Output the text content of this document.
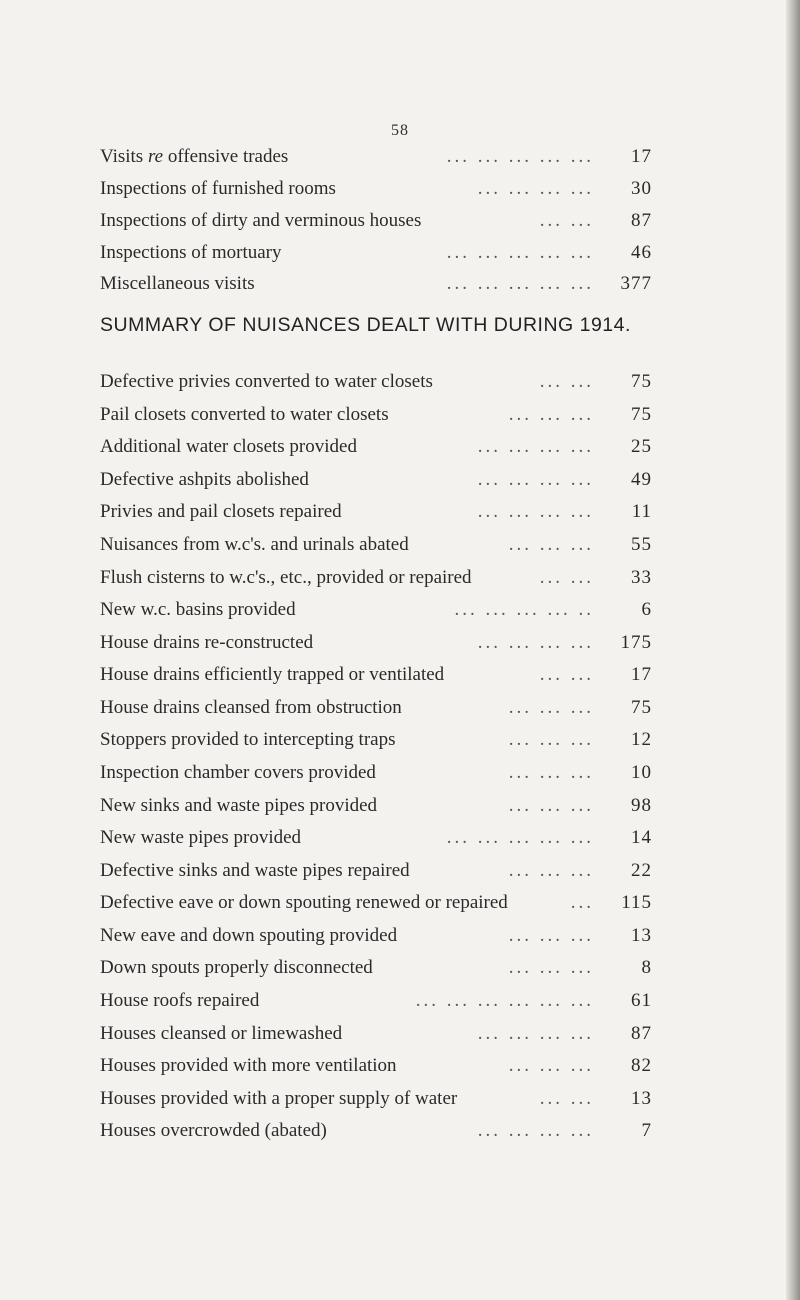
58
Visits re offensive trades	... ... ... ... ...	17
Inspections of furnished rooms	... ... ... ...	30
Inspections of dirty and verminous houses	... ...	87
Inspections of mortuary	... ... ... ... ...	46
Miscellaneous visits	... ... ... ... ...	377
SUMMARY OF NUISANCES DEALT WITH DURING 1914.
Defective privies converted to water closets	... ...	75
Pail closets converted to water closets	... ... ...	75
Additional water closets provided	... ... ... ...	25
Defective ashpits abolished	... ... ... ...	49
Privies and pail closets repaired	... ... ... ...	11
Nuisances from w.c's. and urinals abated	... ... ...	55
Flush cisterns to w.c's., etc., provided or repaired	... ...	33
New w.c. basins provided	... ... ... ... ..	6
House drains re-constructed	... ... ... ...	175
House drains efficiently trapped or ventilated	... ...	17
House drains cleansed from obstruction	... ... ...	75
Stoppers provided to intercepting traps	... ... ...	12
Inspection chamber covers provided	... ... ...	10
New sinks and waste pipes provided	... ... ...	98
New waste pipes provided	... ... ... ... ...	14
Defective sinks and waste pipes repaired	... ... ...	22
Defective eave or down spouting renewed or repaired	...	115
New eave and down spouting provided	... ... ...	13
Down spouts properly disconnected	... ... ...	8
House roofs repaired	... ... ... ... ... ...	61
Houses cleansed or limewashed	... ... ... ...	87
Houses provided with more ventilation	... ... ...	82
Houses provided with a proper supply of water	... ...	13
Houses overcrowded (abated)	... ... ... ...	7
